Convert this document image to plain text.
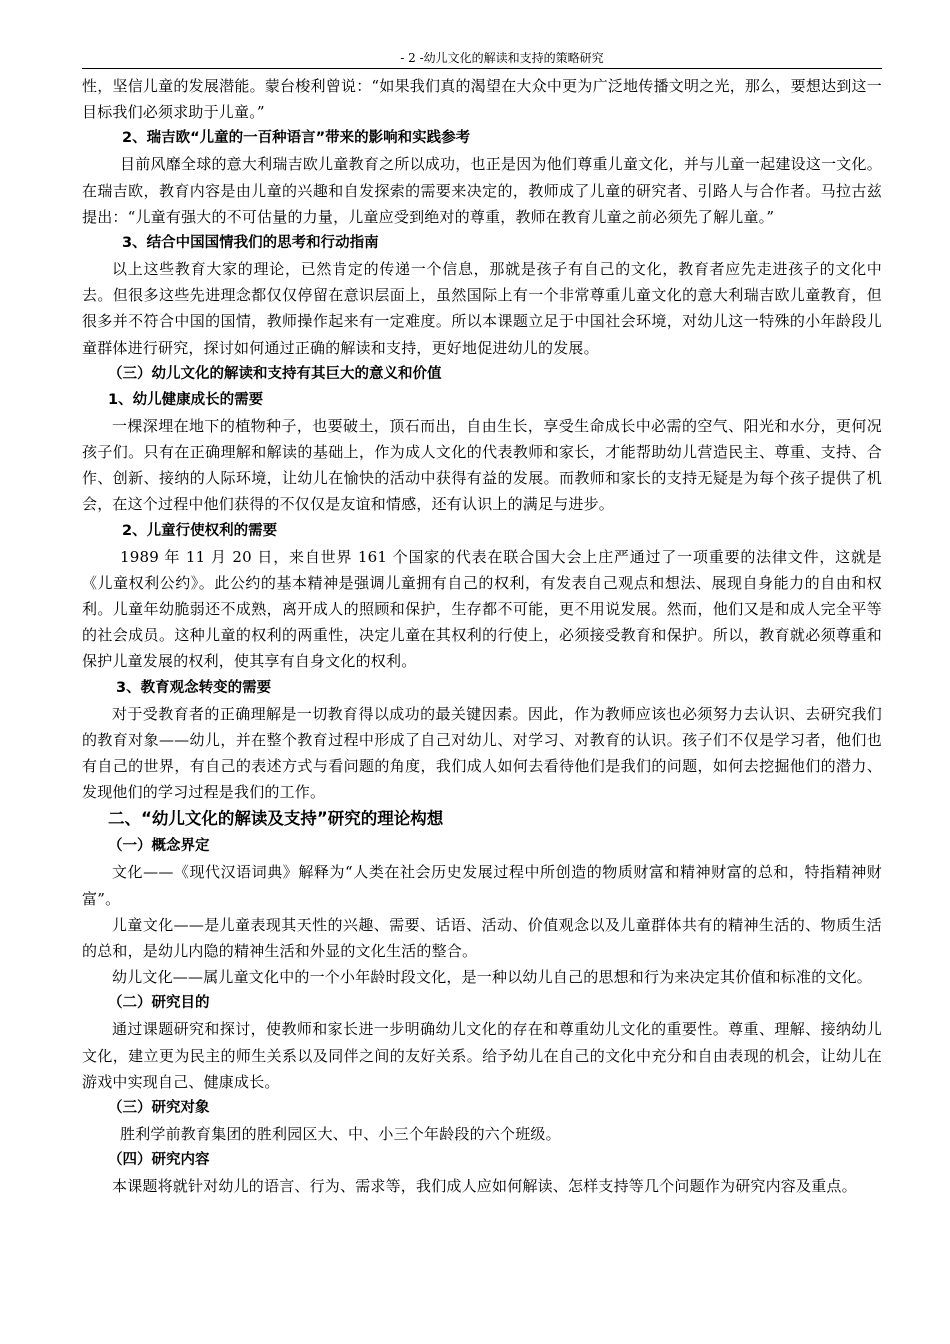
- 2 -幼儿文化的解读和支持的策略研究

性，坚信儿童的发展潜能。蒙台梭利曾说：“如果我们真的渴望在大众中更为广泛地传播文明之光，那么，要想达到这一目标我们必须求助于儿童。”

2、瑞吉欧“儿童的一百种语言”带来的影响和实践参考

目前风靡全球的意大利瑞吉欧儿童教育之所以成功，也正是因为他们尊重儿童文化，并与儿童一起建设这一文化。在瑞吉欧，教育内容是由儿童的兴趣和自发探索的需要来决定的，教师成了儿童的研究者、引路人与合作者。马拉古兹提出：“儿童有强大的不可估量的力量，儿童应受到绝对的尊重，教师在教育儿童之前必须先了解儿童。”

3、结合中国国情我们的思考和行动指南

以上这些教育大家的理论，已然肯定的传递一个信息，那就是孩子有自己的文化，教育者应先走进孩子的文化中去。但很多这些先进理念都仅仅停留在意识层面上，虽然国际上有一个非常尊重儿童文化的意大利瑞吉欧儿童教育，但很多并不符合中国的国情，教师操作起来有一定难度。所以本课题立足于中国社会环境，对幼儿这一特殊的小年龄段儿童群体进行研究，探讨如何通过正确的解读和支持，更好地促进幼儿的发展。

（三）幼儿文化的解读和支持有其巨大的意义和价值

1、幼儿健康成长的需要

一棵深埋在地下的植物种子，也要破土，顶石而出，自由生长，享受生命成长中必需的空气、阳光和水分，更何况孩子们。只有在正确理解和解读的基础上，作为成人文化的代表教师和家长，才能帮助幼儿营造民主、尊重、支持、合作、创新、接纳的人际环境，让幼儿在愉快的活动中获得有益的发展。而教师和家长的支持无疑是为每个孩子提供了机会，在这个过程中他们获得的不仅仅是友谊和情感，还有认识上的满足与进步。

2、儿童行使权利的需要

1989 年 11 月 20 日，来自世界 161 个国家的代表在联合国大会上庄严通过了一项重要的法律文件，这就是《儿童权利公约》。此公约的基本精神是强调儿童拥有自己的权利，有发表自己观点和想法、展现自身能力的自由和权利。儿童年幼脆弱还不成熟，离开成人的照顾和保护，生存都不可能，更不用说发展。然而，他们又是和成人完全平等的社会成员。这种儿童的权利的两重性，决定儿童在其权利的行使上，必须接受教育和保护。所以，教育就必须尊重和保护儿童发展的权利，使其享有自身文化的权利。

3、教育观念转变的需要

对于受教育者的正确理解是一切教育得以成功的最关键因素。因此，作为教师应该也必须努力去认识、去研究我们的教育对象——幼儿，并在整个教育过程中形成了自己对幼儿、对学习、对教育的认识。孩子们不仅是学习者，他们也有自己的世界，有自己的表述方式与看问题的角度，我们成人如何去看待他们是我们的问题，如何去挖掘他们的潜力、发现他们的学习过程是我们的工作。

二、“幼儿文化的解读及支持”研究的理论构想

（一）概念界定

文化——《现代汉语词典》解释为“人类在社会历史发展过程中所创造的物质财富和精神财富的总和，特指精神财富”。

儿童文化——是儿童表现其天性的兴趣、需要、话语、活动、价值观念以及儿童群体共有的精神生活的、物质生活的总和，是幼儿内隐的精神生活和外显的文化生活的整合。

幼儿文化——属儿童文化中的一个小年龄时段文化，是一种以幼儿自己的思想和行为来决定其价值和标准的文化。

（二）研究目的

通过课题研究和探讨，使教师和家长进一步明确幼儿文化的存在和尊重幼儿文化的重要性。尊重、理解、接纳幼儿文化，建立更为民主的师生关系以及同伴之间的友好关系。给予幼儿在自己的文化中充分和自由表现的机会，让幼儿在游戏中实现自己、健康成长。

（三）研究对象

胜利学前教育集团的胜利园区大、中、小三个年龄段的六个班级。

（四）研究内容

本课题将就针对幼儿的语言、行为、需求等，我们成人应如何解读、怎样支持等几个问题作为研究内容及重点。
